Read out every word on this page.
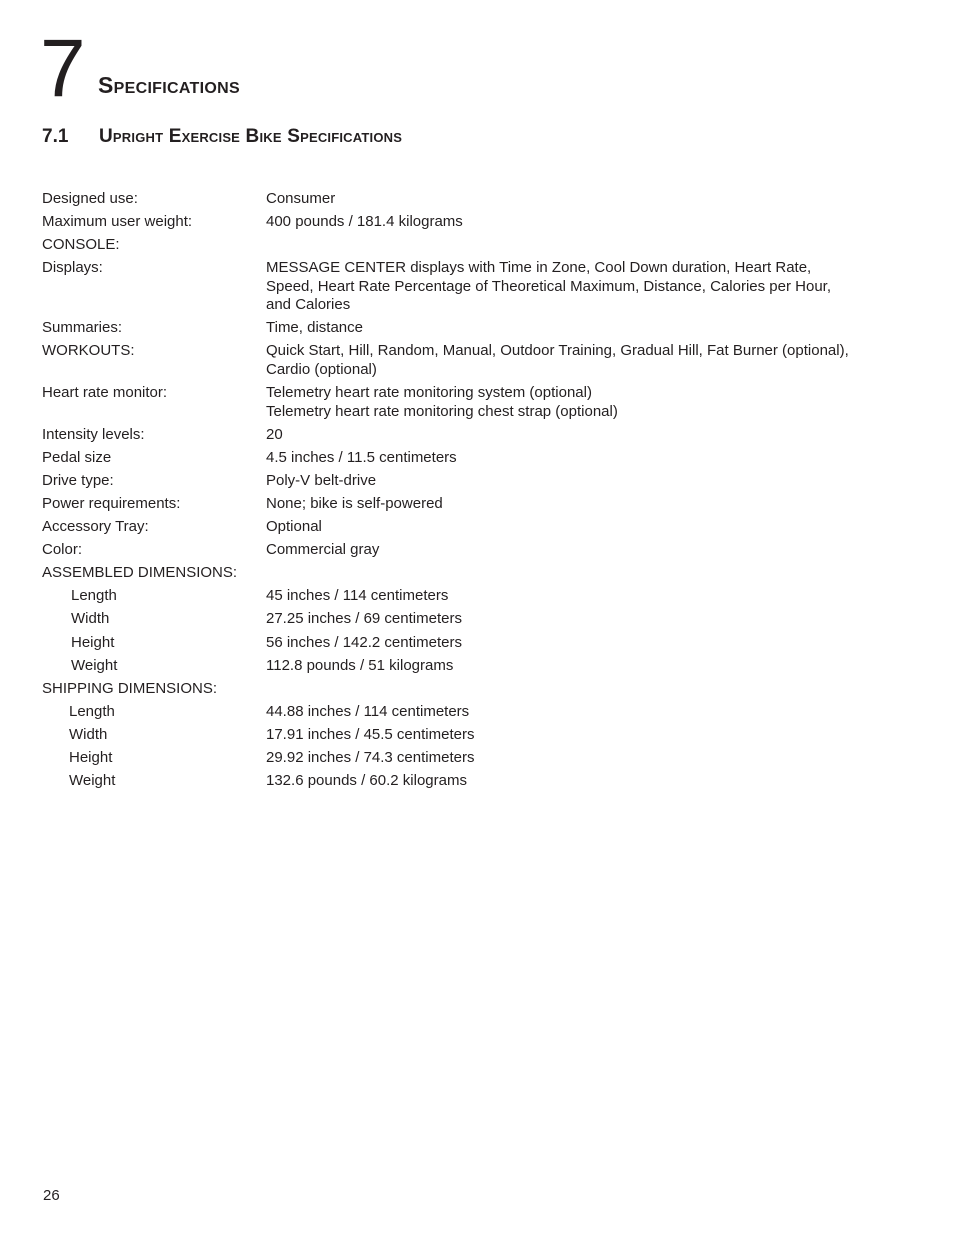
7 Specifications
7.1 Upright Exercise Bike Specifications
Designed use:	Consumer
Maximum user weight:	400 pounds / 181.4 kilograms
CONSOLE:
Displays:	MESSAGE CENTER displays with Time in Zone, Cool Down duration, Heart Rate,
Speed, Heart Rate Percentage of Theoretical Maximum, Distance, Calories per Hour,
and Calories
Summaries:	Time, distance
WORKOUTS:	Quick Start, Hill, Random, Manual, Outdoor Training, Gradual Hill, Fat Burner (optional),
Cardio (optional)
Heart rate monitor:	Telemetry heart rate monitoring system (optional)
Telemetry heart rate monitoring chest strap (optional)
Intensity levels:	20
Pedal size	4.5 inches / 11.5 centimeters
Drive type:	Poly-V belt-drive
Power requirements:	None; bike is self-powered
Accessory Tray:	Optional
Color:	Commercial gray
ASSEMBLED DIMENSIONS:
Length	45 inches / 114 centimeters
Width	27.25 inches / 69 centimeters
Height	56 inches / 142.2 centimeters
Weight	112.8 pounds / 51 kilograms
SHIPPING DIMENSIONS:
Length	44.88 inches / 114 centimeters
Width	17.91 inches / 45.5 centimeters
Height	29.92 inches / 74.3 centimeters
Weight	132.6 pounds / 60.2 kilograms
26
